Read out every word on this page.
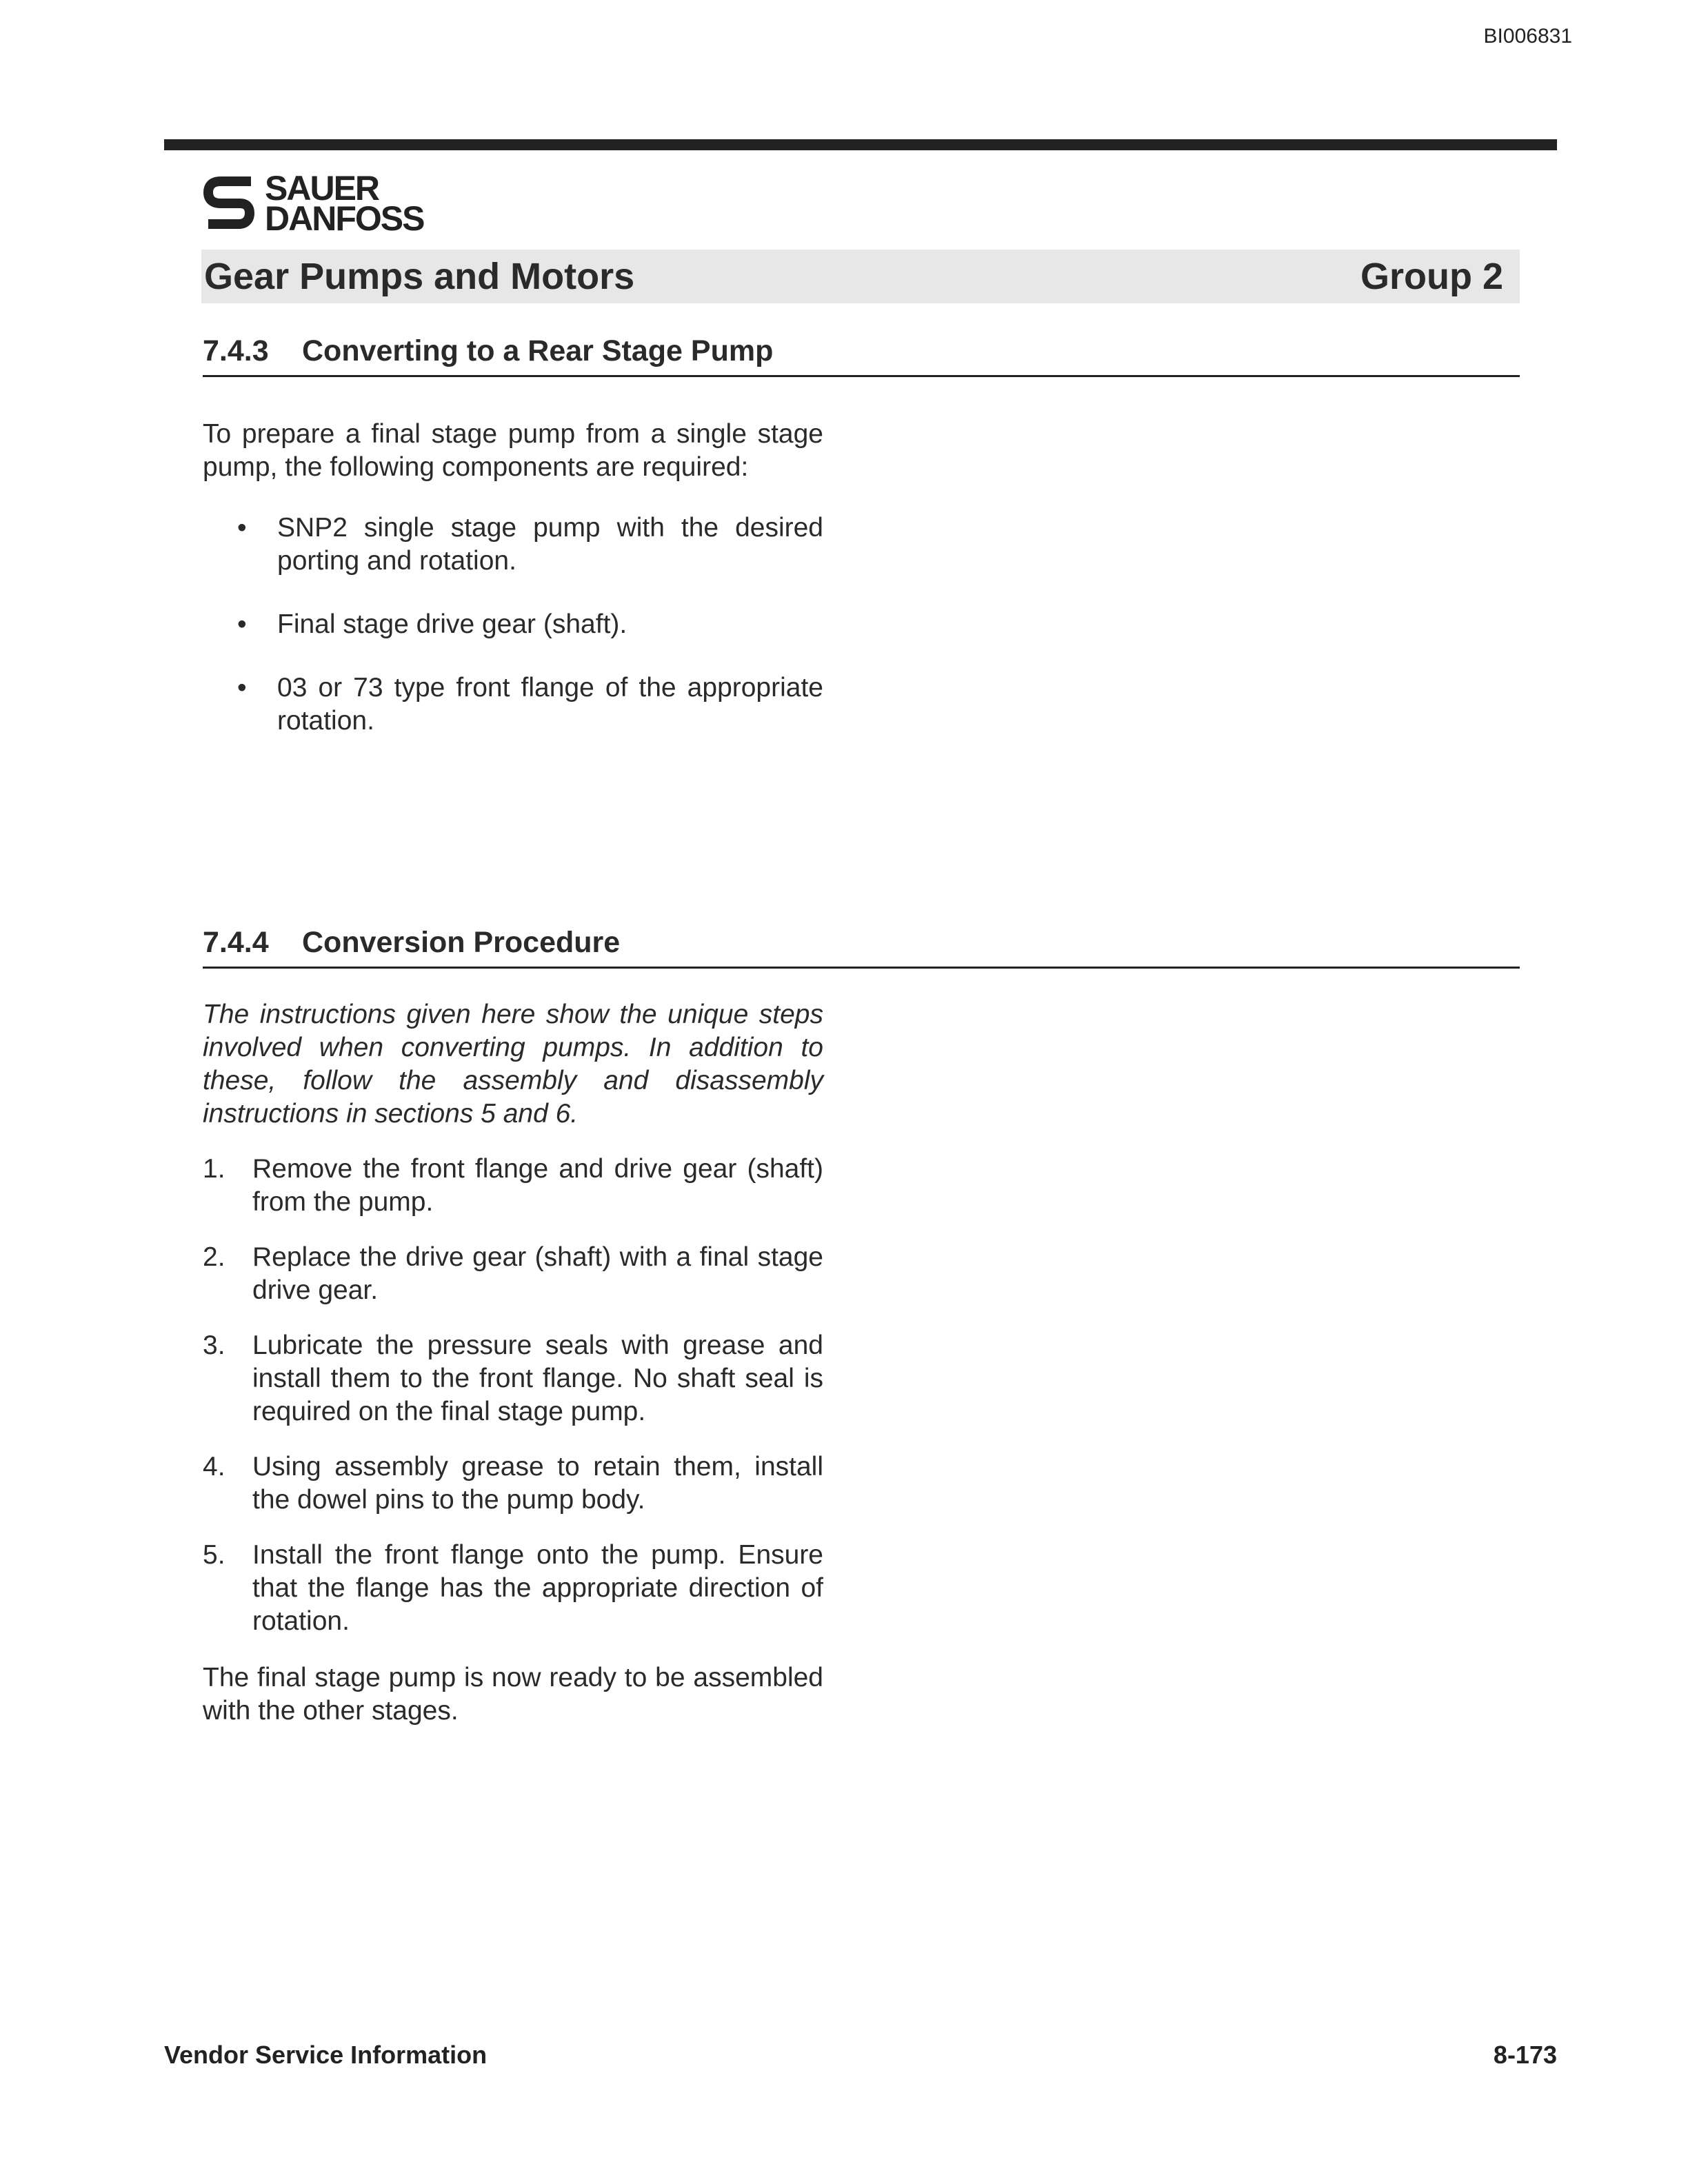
BI006831
SAUER
DANFOSS
Gear Pumps and Motors	Group 2
7.4.3 Converting to a Rear Stage Pump

To prepare a final stage pump from a single stage pump, the following components are required:

• SNP2 single stage pump with the desired porting and rotation.
• Final stage drive gear (shaft).
• 03 or 73 type front flange of the appropriate rotation.
7.4.4 Conversion Procedure

The instructions given here show the unique steps involved when converting pumps. In addition to these, follow the assembly and disassembly instructions in sections 5 and 6.

1. Remove the front flange and drive gear (shaft) from the pump.
2. Replace the drive gear (shaft) with a final stage drive gear.
3. Lubricate the pressure seals with grease and install them to the front flange. No shaft seal is required on the final stage pump.
4. Using assembly grease to retain them, install the dowel pins to the pump body.
5. Install the front flange onto the pump. Ensure that the flange has the appropriate direction of rotation.

The final stage pump is now ready to be assembled with the other stages.

Vendor Service Information	8-173
